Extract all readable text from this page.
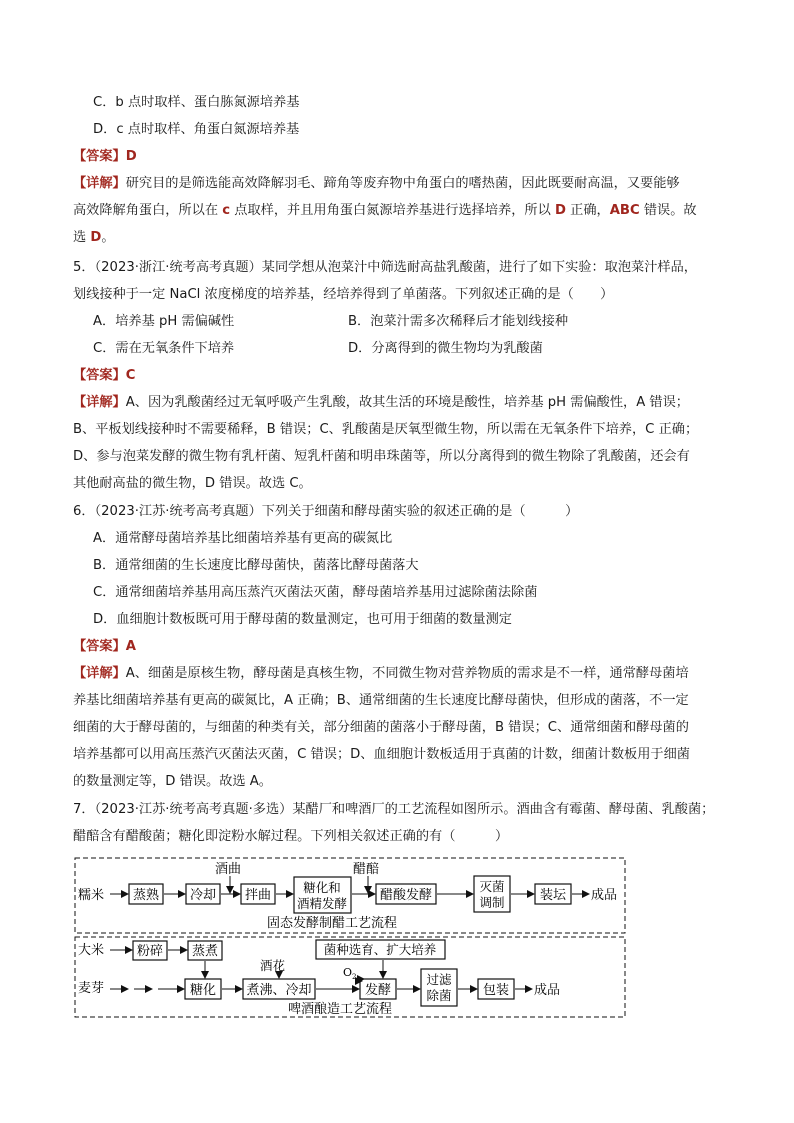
C．b 点时取样、蛋白胨氮源培养基
D．c 点时取样、角蛋白氮源培养基
【答案】D
【详解】研究目的是筛选能高效降解羽毛、蹄角等废弃物中角蛋白的嗜热菌，因此既要耐高温，又要能够
高效降解角蛋白，所以在 c 点取样，并且用角蛋白氮源培养基进行选择培养，所以 D 正确，ABC 错误。故
选 D。
5．（2023·浙江·统考高考真题）某同学想从泡菜汁中筛选耐高盐乳酸菌，进行了如下实验：取泡菜汁样品，
划线接种于一定 NaCl 浓度梯度的培养基，经培养得到了单菌落。下列叙述正确的是（　　）
A．培养基 pH 需偏碱性	B．泡菜汁需多次稀释后才能划线接种
C．需在无氧条件下培养	D．分离得到的微生物均为乳酸菌
【答案】C
【详解】A、因为乳酸菌经过无氧呼吸产生乳酸，故其生活的环境是酸性，培养基 pH 需偏酸性，A 错误；
B、平板划线接种时不需要稀释，B 错误；C、乳酸菌是厌氧型微生物，所以需在无氧条件下培养，C 正确；
D、参与泡菜发酵的微生物有乳杆菌、短乳杆菌和明串珠菌等，所以分离得到的微生物除了乳酸菌，还会有
其他耐高盐的微生物，D 错误。故选 C。
6．（2023·江苏·统考高考真题）下列关于细菌和酵母菌实验的叙述正确的是（　　　）
A．通常酵母菌培养基比细菌培养基有更高的碳氮比
B．通常细菌的生长速度比酵母菌快，菌落比酵母菌落大
C．通常细菌培养基用高压蒸汽灭菌法灭菌，酵母菌培养基用过滤除菌法除菌
D．血细胞计数板既可用于酵母菌的数量测定，也可用于细菌的数量测定
【答案】A
【详解】A、细菌是原核生物，酵母菌是真核生物，不同微生物对营养物质的需求是不一样，通常酵母菌培
养基比细菌培养基有更高的碳氮比，A 正确；B、通常细菌的生长速度比酵母菌快，但形成的菌落，不一定
细菌的大于酵母菌的，与细菌的种类有关，部分细菌的菌落小于酵母菌，B 错误；C、通常细菌和酵母菌的
培养基都可以用高压蒸汽灭菌法灭菌，C 错误；D、血细胞计数板适用于真菌的计数，细菌计数板用于细菌
的数量测定等，D 错误。故选 A。
7．（2023·江苏·统考高考真题·多选）某醋厂和啤酒厂的工艺流程如图所示。酒曲含有霉菌、酵母菌、乳酸菌；
醋醅含有醋酸菌；糖化即淀粉水解过程。下列相关叙述正确的有（　　　）
糯米 蒸熟 冷却 拌曲
糖化和
酒精发酵
醋酸发酵
灭菌
调制	装坛 成品
酒曲	醋醅
固态发酵制醋工艺流程
大米
麦芽
粉碎 蒸煮
糖化 煮沸、冷却	发酵
过滤
除菌 包装 成品
菌种选育、扩大培养
酒花	$O_2$
啤酒酿造工艺流程
